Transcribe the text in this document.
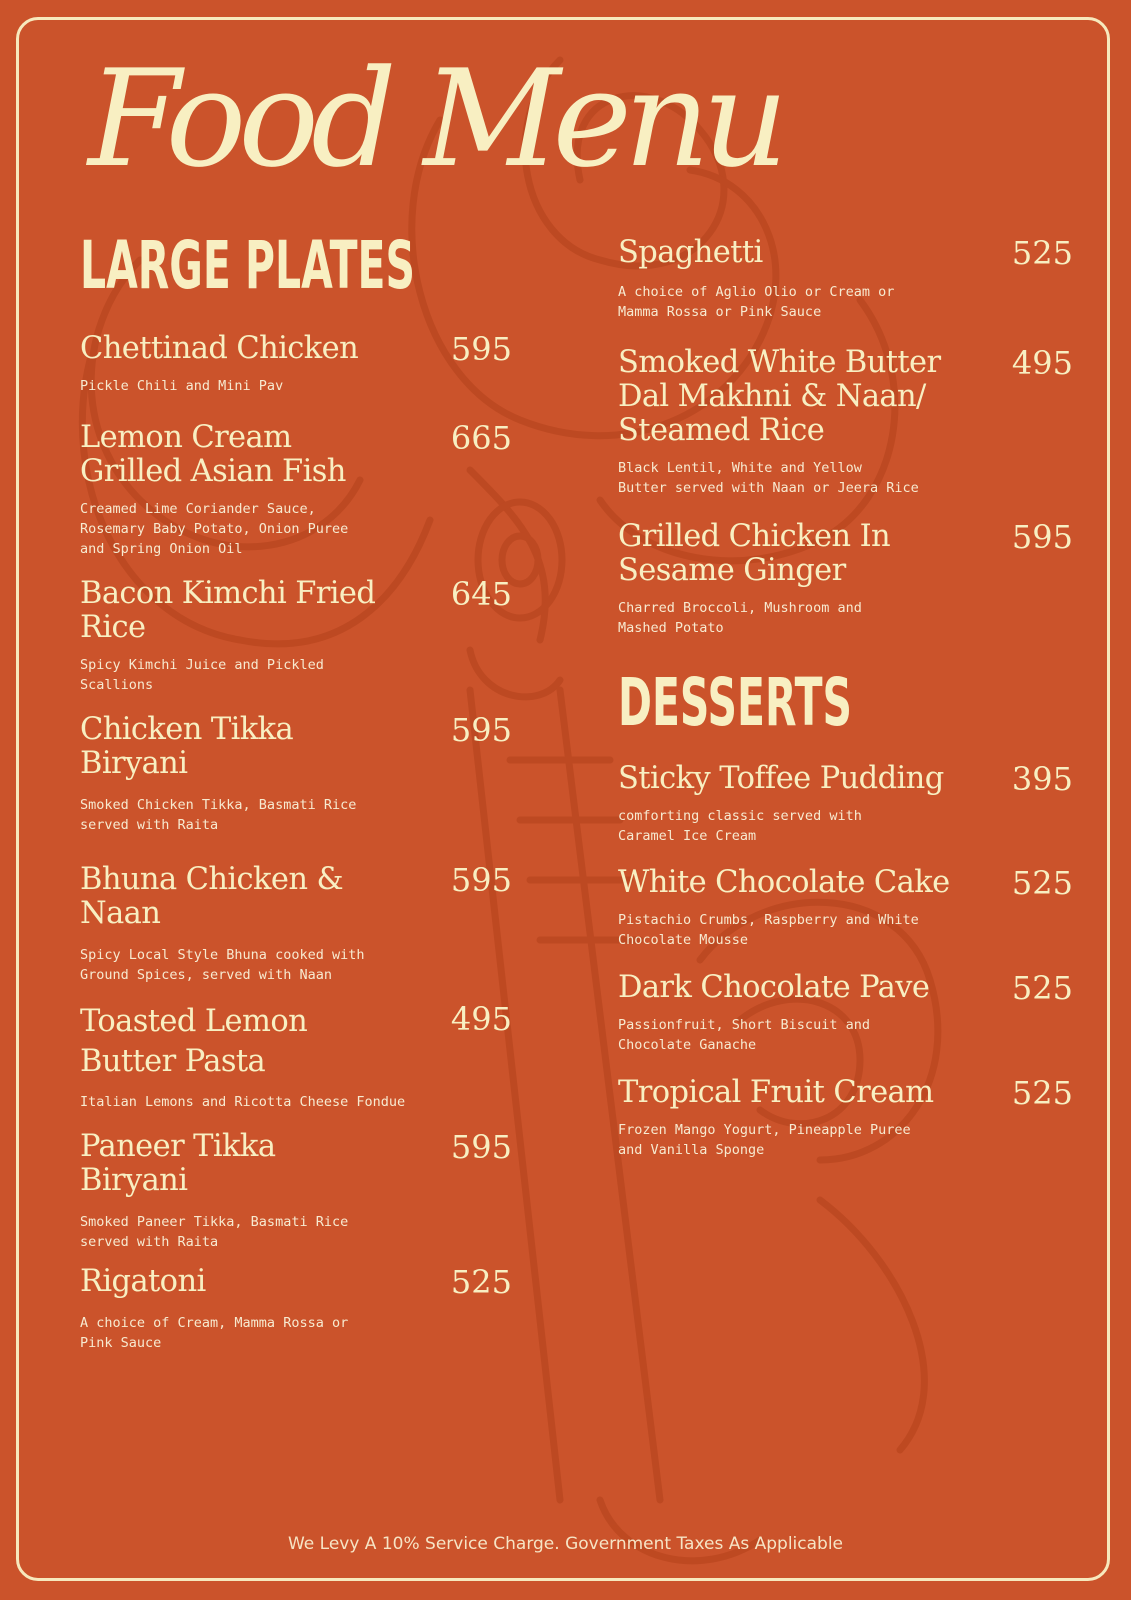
Food Menu
LARGE PLATES
DESSERTS
Chettinad Chicken	595
Pickle Chili and Mini Pav
Lemon Cream
Grilled Asian Fish
665
Creamed Lime Coriander Sauce,
Rosemary Baby Potato, Onion Puree
and Spring Onion Oil
Bacon Kimchi Fried
Rice
645
Spicy Kimchi Juice and Pickled
Scallions
Chicken Tikka
Biryani
595
Smoked Chicken Tikka, Basmati Rice
served with Raita
Bhuna Chicken &
Naan
595
Spicy Local Style Bhuna cooked with
Ground Spices, served with Naan
Toasted Lemon
Butter Pasta
495
Italian Lemons and Ricotta Cheese Fondue
Paneer Tikka
Biryani
595
Smoked Paneer Tikka, Basmati Rice
served with Raita
Rigatoni	525
A choice of Cream, Mamma Rossa or
Pink Sauce
Spaghetti	525
A choice of Aglio Olio or Cream or
Mamma Rossa or Pink Sauce
Smoked White Butter
Dal Makhni & Naan/
Steamed Rice
495
Black Lentil, White and Yellow
Butter served with Naan or Jeera Rice
Grilled Chicken In
Sesame Ginger
595
Charred Broccoli, Mushroom and
Mashed Potato
Sticky Toffee Pudding	395
comforting classic served with
Caramel Ice Cream
White Chocolate Cake	525
Pistachio Crumbs, Raspberry and White
Chocolate Mousse
Dark Chocolate Pave	525
Passionfruit, Short Biscuit and
Chocolate Ganache
Tropical Fruit Cream	525
Frozen Mango Yogurt, Pineapple Puree
and Vanilla Sponge
We Levy A 10% Service Charge. Government Taxes As Applicable
